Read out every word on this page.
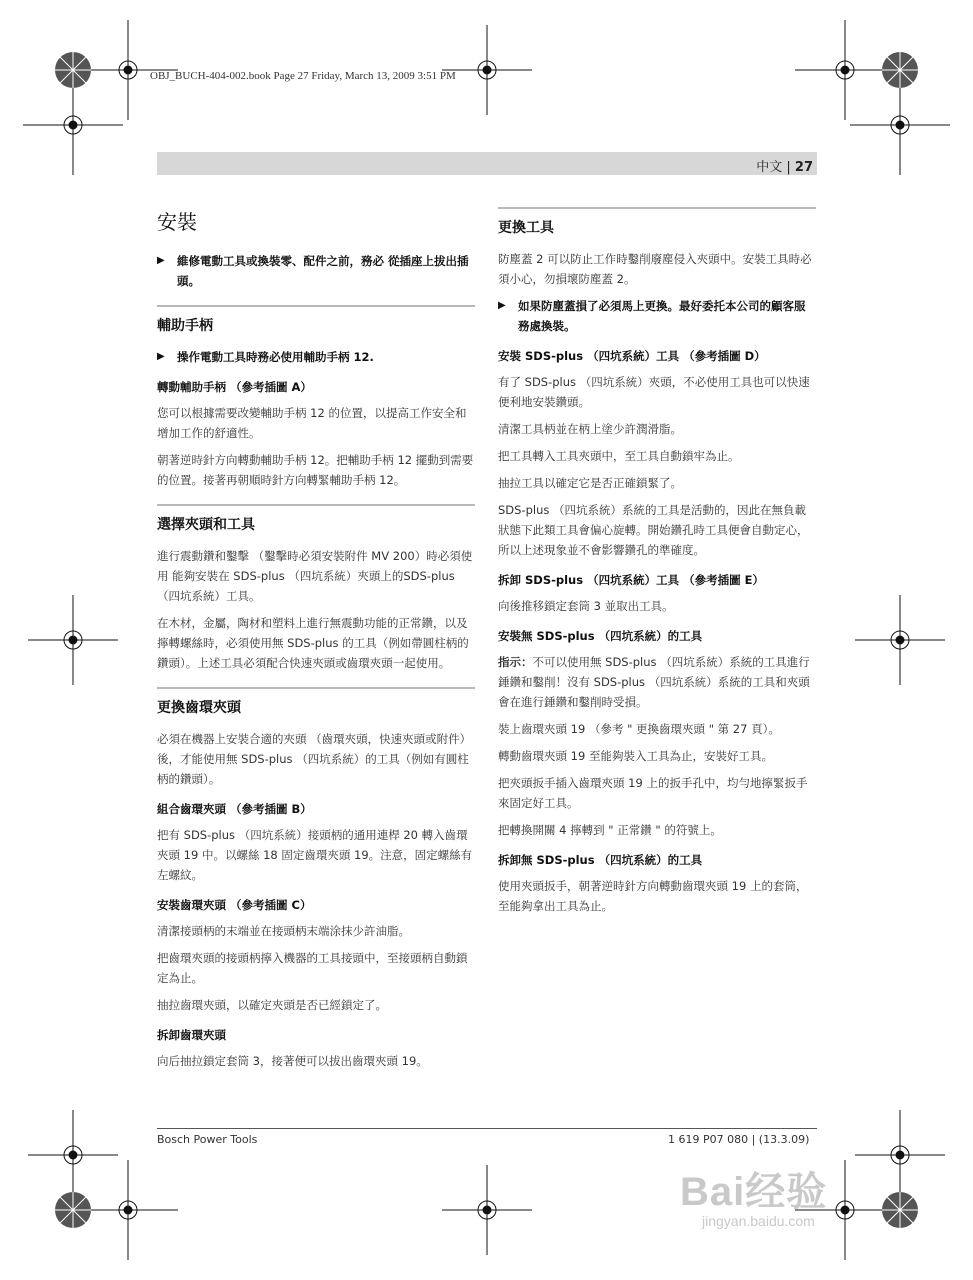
OBJ_BUCH-404-002.book Page 27 Friday, March 13, 2009 3:51 PM
中文 | 27
安裝
▶	維修電動工具或換裝零、配件之前，務必 從插座上拔出插頭。
輔助手柄
▶	操作電動工具時務必使用輔助手柄 12.
轉動輔助手柄 （參考插圖 A）

您可以根據需要改變輔助手柄 12 的位置，以提高工作安全和增加工作的舒適性。

朝著逆時針方向轉動輔助手柄 12。把輔助手柄 12 擺動到需要的位置。接著再朝順時針方向轉緊輔助手柄 12。

選擇夾頭和工具

進行震動鑽和鑿擊 （鑿擊時必須安裝附件 MV 200）時必須使用 能夠安裝在 SDS-plus （四坑系統）夾頭上的SDS-plus （四坑系統）工具。

在木材，金屬，陶材和塑料上進行無震動功能的正常鑽，以及擰轉螺絲時，必須使用無 SDS-plus 的工具（例如帶圓柱柄的鑽頭）。上述工具必須配合快速夾頭或齒環夾頭一起使用。

更換齒環夾頭

必須在機器上安裝合適的夾頭 （齒環夾頭，快速夾頭或附件）後，才能使用無 SDS-plus （四坑系統）的工具（例如有圓柱柄的鑽頭）。

組合齒環夾頭 （參考插圖 B）

把有 SDS-plus （四坑系統）接頭柄的通用連桿 20 轉入齒環夾頭 19 中。以螺絲 18 固定齒環夾頭 19。注意，固定螺絲有左螺紋。

安裝齒環夾頭 （參考插圖 C）

清潔接頭柄的末端並在接頭柄末端涂抹少許油脂。

把齒環夾頭的接頭柄擰入機器的工具接頭中，至接頭柄自動鎖定為止。

抽拉齒環夾頭，以確定夾頭是否已經鎖定了。

拆卸齒環夾頭

向后抽拉鎖定套筒 3，接著便可以拔出齒環夾頭 19。

更換工具

防塵蓋 2 可以防止工作時鑿削廢塵侵入夾頭中。安裝工具時必須小心，勿損壞防塵蓋 2。

▶	如果防塵蓋損了必須馬上更換。最好委托本公司的顧客服務處換裝。
安裝 SDS-plus （四坑系統）工具 （參考插圖 D）

有了 SDS-plus （四坑系統）夾頭，不必使用工具也可以快速便利地安裝鑽頭。

清潔工具柄並在柄上塗少許潤滑脂。

把工具轉入工具夾頭中，至工具自動鎖牢為止。

抽拉工具以確定它是否正確鎖緊了。

SDS-plus （四坑系統）系統的工具是活動的，因此在無負載狀態下此類工具會偏心旋轉。開始鑽孔時工具便會自動定心，所以上述現象並不會影響鑽孔的準確度。

拆卸 SDS-plus （四坑系統）工具 （參考插圖 E）

向後推移鎖定套筒 3 並取出工具。

安裝無 SDS-plus （四坑系統）的工具

指示：不可以使用無 SDS-plus （四坑系統）系統的工具進行錘鑽和鑿削！沒有 SDS-plus （四坑系統）系統的工具和夾頭會在進行錘鑽和鑿削時受損。

裝上齒環夾頭 19 （參考 " 更換齒環夾頭 " 第 27 頁）。

轉動齒環夾頭 19 至能夠裝入工具為止，安裝好工具。

把夾頭扳手插入齒環夾頭 19 上的扳手孔中，均勻地擰緊扳手來固定好工具。

把轉換開關 4 擰轉到 " 正常鑽 " 的符號上。

拆卸無 SDS-plus （四坑系統）的工具

使用夾頭扳手，朝著逆時針方向轉動齒環夾頭 19 上的套筒，至能夠拿出工具為止。

Bosch Power Tools	1 619 P07 080 | (13.3.09)
Bai经验
jingyan.baidu.com
